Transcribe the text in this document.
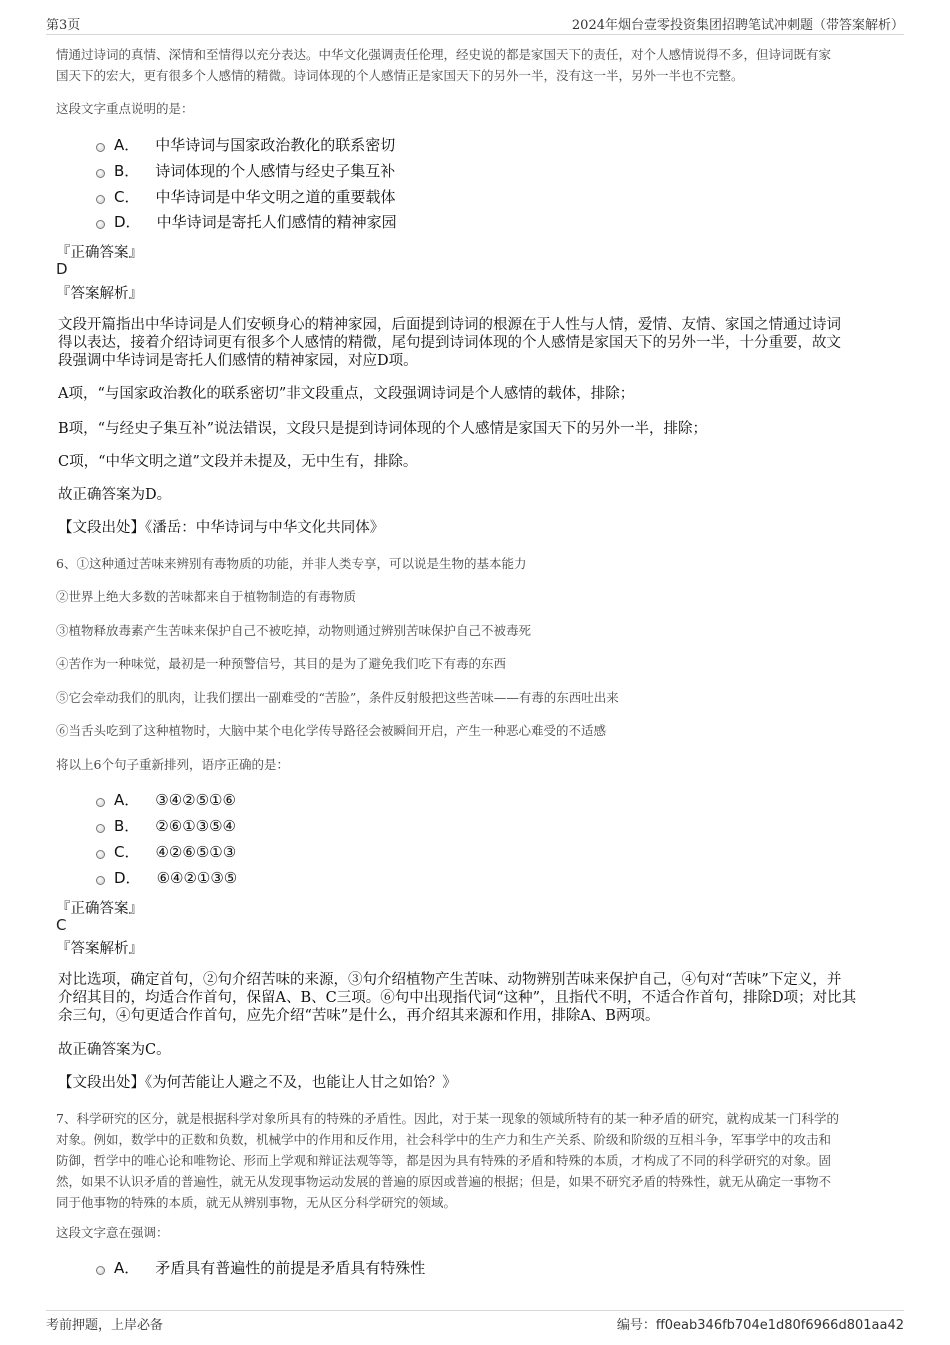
第3页	2024年烟台壹零投资集团招聘笔试冲刺题（带答案解析）
情通过诗词的真情、深情和至情得以充分表达。中华文化强调责任伦理，经史说的都是家国天下的责任，对个人感情说得不多，但诗词既有家
国天下的宏大，更有很多个人感情的精微。诗词体现的个人感情正是家国天下的另外一半，没有这一半，另外一半也不完整。
这段文字重点说明的是：
A． 中华诗词与国家政治教化的联系密切
B． 诗词体现的个人感情与经史子集互补
C． 中华诗词是中华文明之道的重要载体
D． 中华诗词是寄托人们感情的精神家园
『正确答案』
D
『答案解析』
文段开篇指出中华诗词是人们安顿身心的精神家园，后面提到诗词的根源在于人性与人情，爱情、友情、家国之情通过诗词
得以表达，接着介绍诗词更有很多个人感情的精微，尾句提到诗词体现的个人感情是家国天下的另外一半，十分重要，故文
段强调中华诗词是寄托人们感情的精神家园，对应D项。
A项，“与国家政治教化的联系密切”非文段重点，文段强调诗词是个人感情的载体，排除；
B项，“与经史子集互补”说法错误，文段只是提到诗词体现的个人感情是家国天下的另外一半，排除；
C项，“中华文明之道”文段并未提及，无中生有，排除。
故正确答案为D。
【文段出处】《潘岳：中华诗词与中华文化共同体》
6、①这种通过苦味来辨别有毒物质的功能，并非人类专享，可以说是生物的基本能力
②世界上绝大多数的苦味都来自于植物制造的有毒物质
③植物释放毒素产生苦味来保护自己不被吃掉，动物则通过辨别苦味保护自己不被毒死
④苦作为一种味觉，最初是一种预警信号，其目的是为了避免我们吃下有毒的东西
⑤它会牵动我们的肌肉，让我们摆出一副难受的“苦脸”，条件反射般把这些苦味——有毒的东西吐出来
⑥当舌头吃到了这种植物时，大脑中某个电化学传导路径会被瞬间开启，产生一种恶心难受的不适感
将以上6个句子重新排列，语序正确的是：
A． ③④②⑤①⑥
B． ②⑥①③⑤④
C． ④②⑥⑤①③
D． ⑥④②①③⑤
『正确答案』
C
『答案解析』
对比选项，确定首句，②句介绍苦味的来源，③句介绍植物产生苦味、动物辨别苦味来保护自己，④句对“苦味”下定义，并
介绍其目的，均适合作首句，保留A、B、C三项。⑥句中出现指代词“这种”，且指代不明，不适合作首句，排除D项；对比其
余三句，④句更适合作首句，应先介绍“苦味”是什么，再介绍其来源和作用，排除A、B两项。
故正确答案为C。
【文段出处】《为何苦能让人避之不及，也能让人甘之如饴？》
7、科学研究的区分，就是根据科学对象所具有的特殊的矛盾性。因此，对于某一现象的领域所特有的某一种矛盾的研究，就构成某一门科学的
对象。例如，数学中的正数和负数，机械学中的作用和反作用，社会科学中的生产力和生产关系、阶级和阶级的互相斗争，军事学中的攻击和
防御，哲学中的唯心论和唯物论、形而上学观和辩证法观等等，都是因为具有特殊的矛盾和特殊的本质，才构成了不同的科学研究的对象。固
然，如果不认识矛盾的普遍性，就无从发现事物运动发展的普遍的原因或普遍的根据；但是，如果不研究矛盾的特殊性，就无从确定一事物不
同于他事物的特殊的本质，就无从辨别事物，无从区分科学研究的领域。
这段文字意在强调：
A． 矛盾具有普遍性的前提是矛盾具有特殊性
考前押题，上岸必备	编号：ff0eab346fb704e1d80f6966d801aa42
